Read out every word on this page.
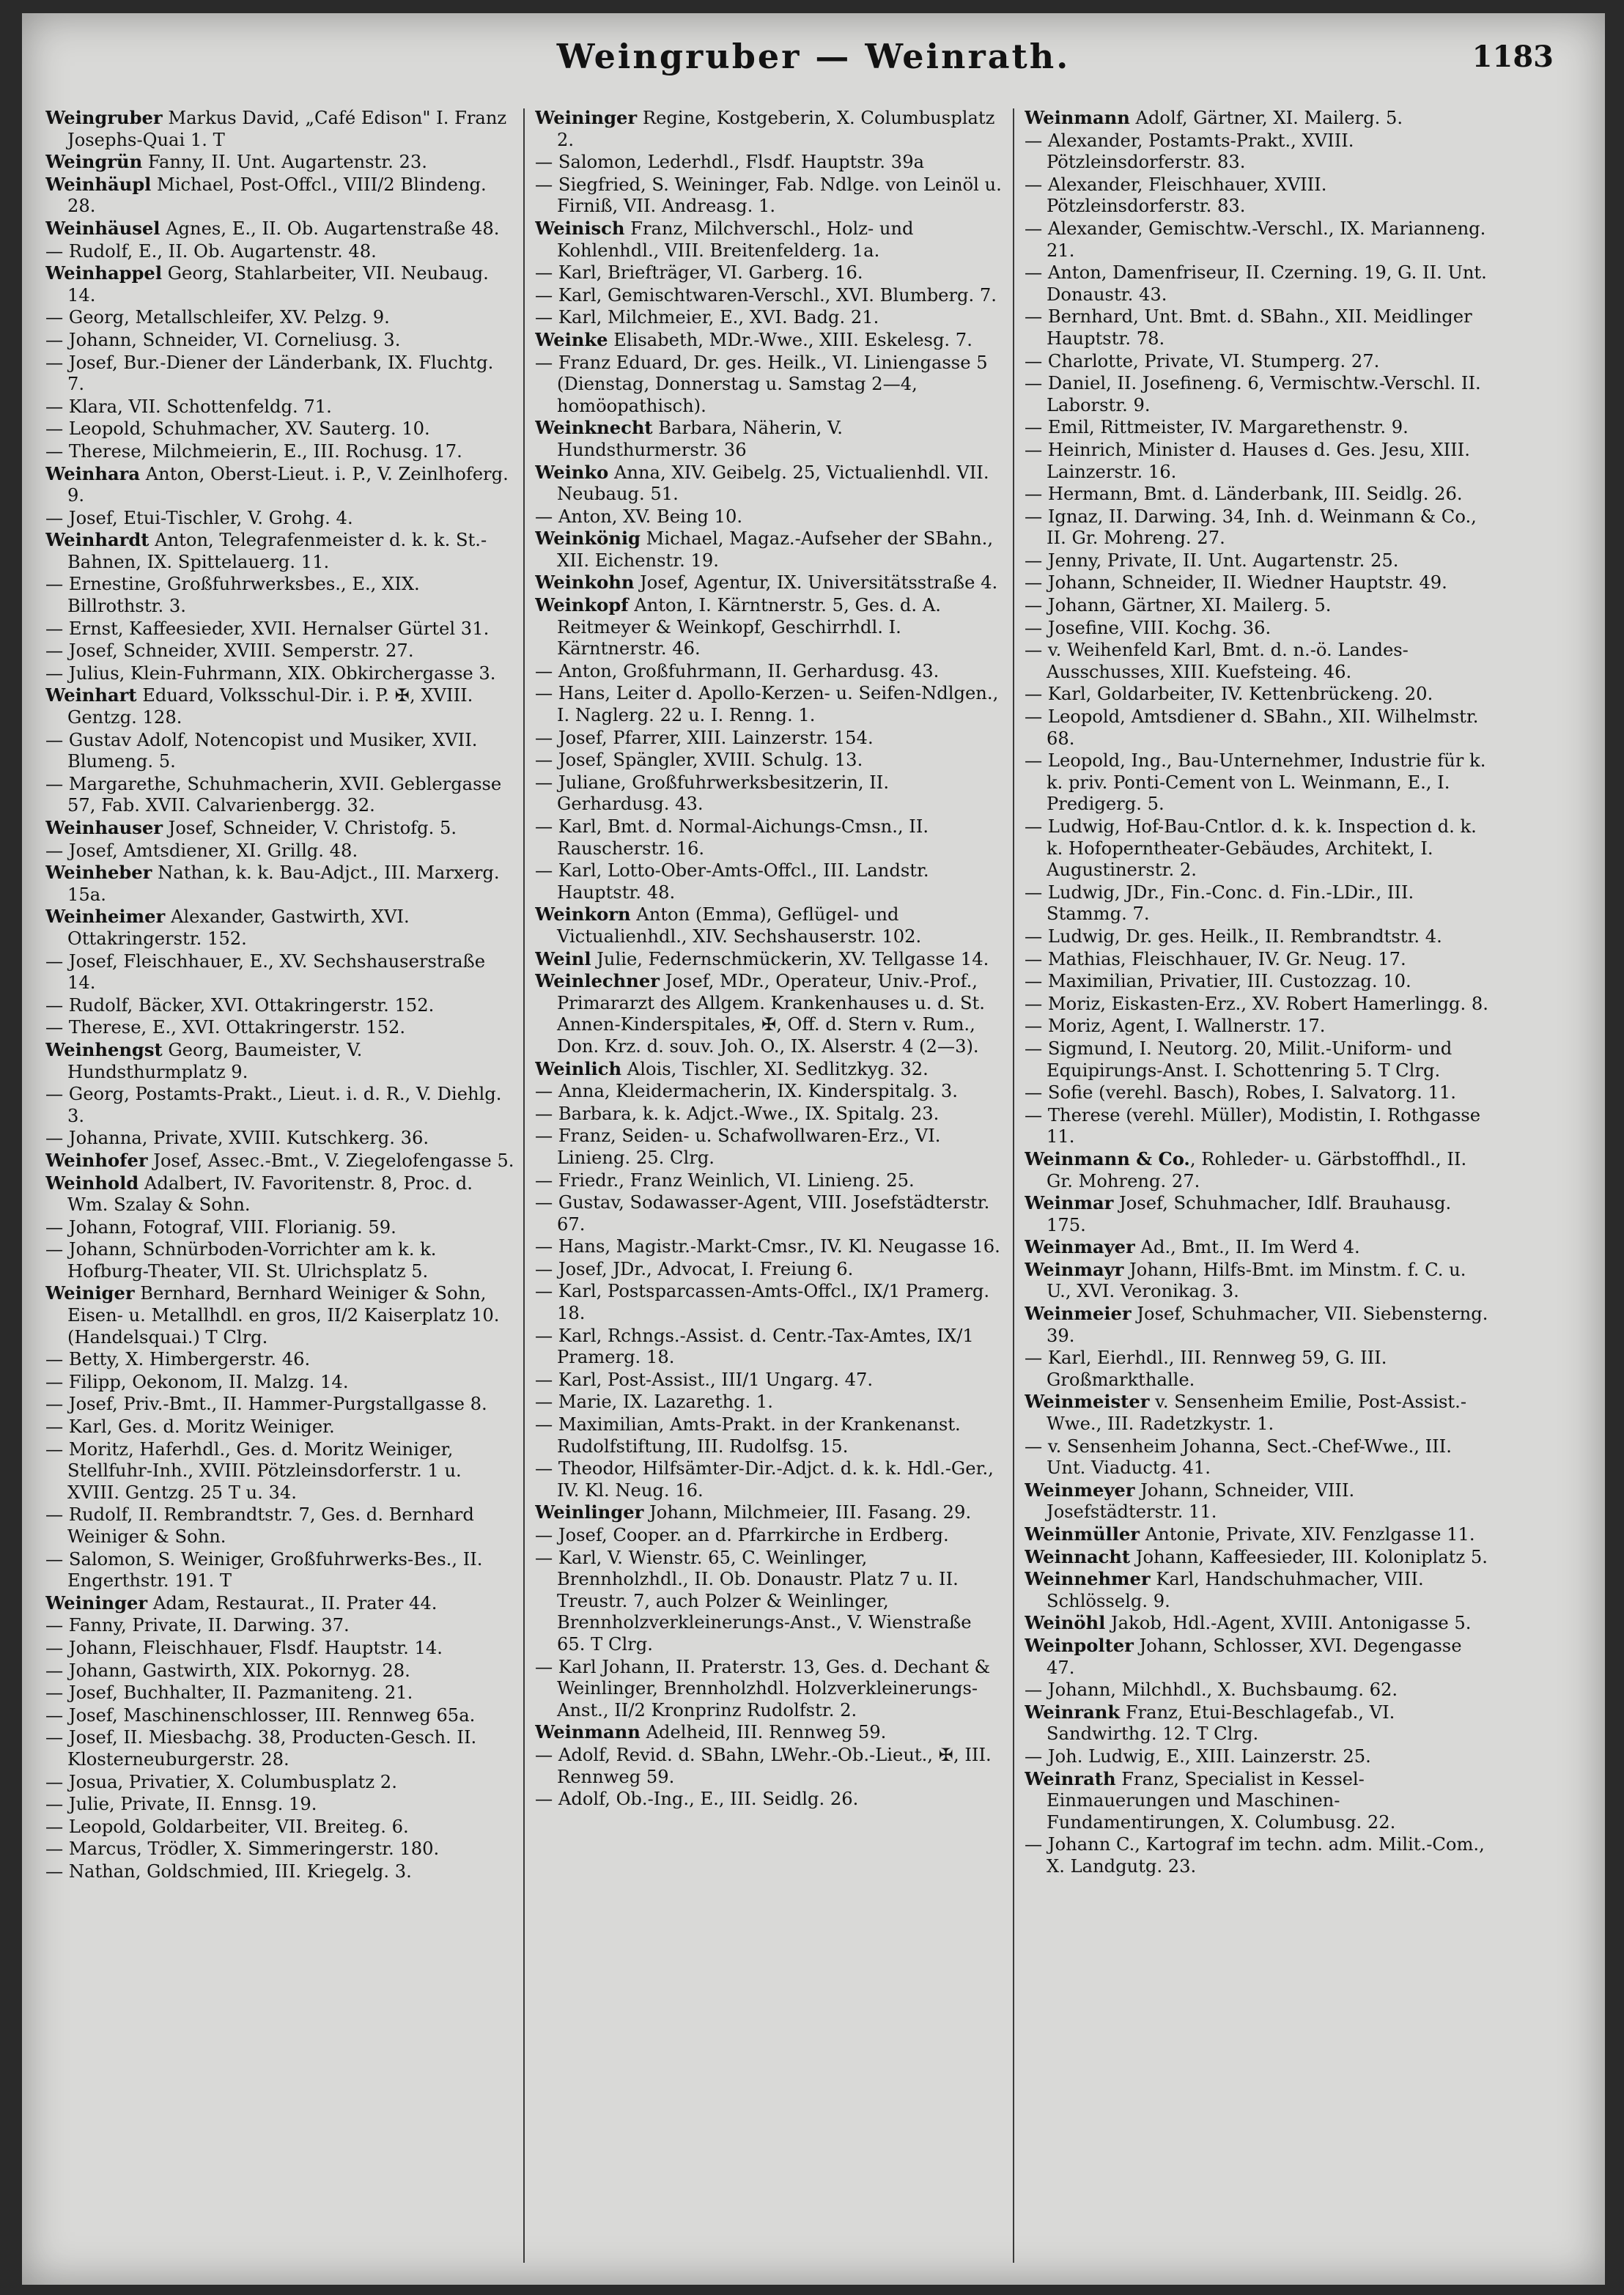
Weingruber — Weinrath.	1183
Weingruber Markus David, „Café Edison" I. Franz Josephs-Quai 1. T
Weingrün Fanny, II. Unt. Augartenstr. 23.
Weinhäupl Michael, Post-Offcl., VIII/2 Blindeng. 28.
Weinhäusel Agnes, E., II. Ob. Augartenstraße 48.
— Rudolf, E., II. Ob. Augartenstr. 48.
Weinhappel Georg, Stahlarbeiter, VII. Neubaug. 14.
— Georg, Metallschleifer, XV. Pelzg. 9.
— Johann, Schneider, VI. Corneliusg. 3.
— Josef, Bur.-Diener der Länderbank, IX. Fluchtg. 7.
— Klara, VII. Schottenfeldg. 71.
— Leopold, Schuhmacher, XV. Sauterg. 10.
— Therese, Milchmeierin, E., III. Rochusg. 17.
Weinhara Anton, Oberst-Lieut. i. P., V. Zeinlhoferg. 9.
— Josef, Etui-Tischler, V. Grohg. 4.
Weinhardt Anton, Telegrafenmeister d. k. k. St.-Bahnen, IX. Spittelauerg. 11.
— Ernestine, Großfuhrwerksbes., E., XIX. Billrothstr. 3.
— Ernst, Kaffeesieder, XVII. Hernalser Gürtel 31.
— Josef, Schneider, XVIII. Semperstr. 27.
— Julius, Klein-Fuhrmann, XIX. Obkirchergasse 3.
Weinhart Eduard, Volksschul-Dir. i. P. ✠, XVIII. Gentzg. 128.
— Gustav Adolf, Notencopist und Musiker, XVII. Blumeng. 5.
— Margarethe, Schuhmacherin, XVII. Geblergasse 57, Fab. XVII. Calvarienbergg. 32.
Weinhauser Josef, Schneider, V. Christofg. 5.
— Josef, Amtsdiener, XI. Grillg. 48.
Weinheber Nathan, k. k. Bau-Adjct., III. Marxerg. 15a.
Weinheimer Alexander, Gastwirth, XVI. Ottakringerstr. 152.
— Josef, Fleischhauer, E., XV. Sechshauserstraße 14.
— Rudolf, Bäcker, XVI. Ottakringerstr. 152.
— Therese, E., XVI. Ottakringerstr. 152.
Weinhengst Georg, Baumeister, V. Hundsthurmplatz 9.
— Georg, Postamts-Prakt., Lieut. i. d. R., V. Diehlg. 3.
— Johanna, Private, XVIII. Kutschkerg. 36.
Weinhofer Josef, Assec.-Bmt., V. Ziegelofengasse 5.
Weinhold Adalbert, IV. Favoritenstr. 8, Proc. d. Wm. Szalay & Sohn.
— Johann, Fotograf, VIII. Florianig. 59.
— Johann, Schnürboden-Vorrichter am k. k. Hofburg-Theater, VII. St. Ulrichsplatz 5.
Weiniger Bernhard, Bernhard Weiniger & Sohn, Eisen- u. Metallhdl. en gros, II/2 Kaiserplatz 10. (Handelsquai.) T Clrg.
— Betty, X. Himbergerstr. 46.
— Filipp, Oekonom, II. Malzg. 14.
— Josef, Priv.-Bmt., II. Hammer-Purgstallgasse 8.
— Karl, Ges. d. Moritz Weiniger.
— Moritz, Haferhdl., Ges. d. Moritz Weiniger, Stellfuhr-Inh., XVIII. Pötzleinsdorferstr. 1 u. XVIII. Gentzg. 25 T u. 34.
— Rudolf, II. Rembrandtstr. 7, Ges. d. Bernhard Weiniger & Sohn.
— Salomon, S. Weiniger, Großfuhrwerks-Bes., II. Engerthstr. 191. T
Weininger Adam, Restaurat., II. Prater 44.
— Fanny, Private, II. Darwing. 37.
— Johann, Fleischhauer, Flsdf. Hauptstr. 14.
— Johann, Gastwirth, XIX. Pokornyg. 28.
— Josef, Buchhalter, II. Pazmaniteng. 21.
— Josef, Maschinenschlosser, III. Rennweg 65a.
— Josef, II. Miesbachg. 38, Producten-Gesch. II. Klosterneuburgerstr. 28.
— Josua, Privatier, X. Columbusplatz 2.
— Julie, Private, II. Ennsg. 19.
— Leopold, Goldarbeiter, VII. Breiteg. 6.
— Marcus, Trödler, X. Simmeringerstr. 180.
— Nathan, Goldschmied, III. Kriegelg. 3.
Weininger Regine, Kostgeberin, X. Columbusplatz 2.
— Salomon, Lederhdl., Flsdf. Hauptstr. 39a
— Siegfried, S. Weininger, Fab. Ndlge. von Leinöl u. Firniß, VII. Andreasg. 1.
Weinisch Franz, Milchverschl., Holz- und Kohlenhdl., VIII. Breitenfelderg. 1a.
— Karl, Briefträger, VI. Garberg. 16.
— Karl, Gemischtwaren-Verschl., XVI. Blumberg. 7.
— Karl, Milchmeier, E., XVI. Badg. 21.
Weinke Elisabeth, MDr.-Wwe., XIII. Eskelesg. 7.
— Franz Eduard, Dr. ges. Heilk., VI. Liniengasse 5 (Dienstag, Donnerstag u. Samstag 2—4, homöopathisch).
Weinknecht Barbara, Näherin, V. Hundsthurmerstr. 36
Weinko Anna, XIV. Geibelg. 25, Victualienhdl. VII. Neubaug. 51.
— Anton, XV. Being 10.
Weinkönig Michael, Magaz.-Aufseher der SBahn., XII. Eichenstr. 19.
Weinkohn Josef, Agentur, IX. Universitätsstraße 4.
Weinkopf Anton, I. Kärntnerstr. 5, Ges. d. A. Reitmeyer & Weinkopf, Geschirrhdl. I. Kärntnerstr. 46.
— Anton, Großfuhrmann, II. Gerhardusg. 43.
— Hans, Leiter d. Apollo-Kerzen- u. Seifen-Ndlgen., I. Naglerg. 22 u. I. Renng. 1.
— Josef, Pfarrer, XIII. Lainzerstr. 154.
— Josef, Spängler, XVIII. Schulg. 13.
— Juliane, Großfuhrwerksbesitzerin, II. Gerhardusg. 43.
— Karl, Bmt. d. Normal-Aichungs-Cmsn., II. Rauscherstr. 16.
— Karl, Lotto-Ober-Amts-Offcl., III. Landstr. Hauptstr. 48.
Weinkorn Anton (Emma), Geflügel- und Victualienhdl., XIV. Sechshauserstr. 102.
Weinl Julie, Federnschmückerin, XV. Tellgasse 14.
Weinlechner Josef, MDr., Operateur, Univ.-Prof., Primararzt des Allgem. Krankenhauses u. d. St. Annen-Kinderspitales, ✠, Off. d. Stern v. Rum., Don. Krz. d. souv. Joh. O., IX. Alserstr. 4 (2—3).
Weinlich Alois, Tischler, XI. Sedlitzkyg. 32.
— Anna, Kleidermacherin, IX. Kinderspitalg. 3.
— Barbara, k. k. Adjct.-Wwe., IX. Spitalg. 23.
— Franz, Seiden- u. Schafwollwaren-Erz., VI. Linieng. 25. Clrg.
— Friedr., Franz Weinlich, VI. Linieng. 25.
— Gustav, Sodawasser-Agent, VIII. Josefstädterstr. 67.
— Hans, Magistr.-Markt-Cmsr., IV. Kl. Neugasse 16.
— Josef, JDr., Advocat, I. Freiung 6.
— Karl, Postsparcassen-Amts-Offcl., IX/1 Pramerg. 18.
— Karl, Rchngs.-Assist. d. Centr.-Tax-Amtes, IX/1 Pramerg. 18.
— Karl, Post-Assist., III/1 Ungarg. 47.
— Marie, IX. Lazarethg. 1.
— Maximilian, Amts-Prakt. in der Krankenanst. Rudolfstiftung, III. Rudolfsg. 15.
— Theodor, Hilfsämter-Dir.-Adjct. d. k. k. Hdl.-Ger., IV. Kl. Neug. 16.
Weinlinger Johann, Milchmeier, III. Fasang. 29.
— Josef, Cooper. an d. Pfarrkirche in Erdberg.
— Karl, V. Wienstr. 65, C. Weinlinger, Brennholzhdl., II. Ob. Donaustr. Platz 7 u. II. Treustr. 7, auch Polzer & Weinlinger, Brennholzverkleinerungs-Anst., V. Wienstraße 65. T Clrg.
— Karl Johann, II. Praterstr. 13, Ges. d. Dechant & Weinlinger, Brennholzhdl. Holzverkleinerungs-Anst., II/2 Kronprinz Rudolfstr. 2.
Weinmann Adelheid, III. Rennweg 59.
— Adolf, Revid. d. SBahn, LWehr.-Ob.-Lieut., ✠, III. Rennweg 59.
— Adolf, Ob.-Ing., E., III. Seidlg. 26.
Weinmann Adolf, Gärtner, XI. Mailerg. 5.
— Alexander, Postamts-Prakt., XVIII. Pötzleinsdorferstr. 83.
— Alexander, Fleischhauer, XVIII. Pötzleinsdorferstr. 83.
— Alexander, Gemischtw.-Verschl., IX. Marianneng. 21.
— Anton, Damenfriseur, II. Czerning. 19, G. II. Unt. Donaustr. 43.
— Bernhard, Unt. Bmt. d. SBahn., XII. Meidlinger Hauptstr. 78.
— Charlotte, Private, VI. Stumperg. 27.
— Daniel, II. Josefineng. 6, Vermischtw.-Verschl. II. Laborstr. 9.
— Emil, Rittmeister, IV. Margarethenstr. 9.
— Heinrich, Minister d. Hauses d. Ges. Jesu, XIII. Lainzerstr. 16.
— Hermann, Bmt. d. Länderbank, III. Seidlg. 26.
— Ignaz, II. Darwing. 34, Inh. d. Weinmann & Co., II. Gr. Mohreng. 27.
— Jenny, Private, II. Unt. Augartenstr. 25.
— Johann, Schneider, II. Wiedner Hauptstr. 49.
— Johann, Gärtner, XI. Mailerg. 5.
— Josefine, VIII. Kochg. 36.
— v. Weihenfeld Karl, Bmt. d. n.-ö. Landes-Ausschusses, XIII. Kuefsteing. 46.
— Karl, Goldarbeiter, IV. Kettenbrückeng. 20.
— Leopold, Amtsdiener d. SBahn., XII. Wilhelmstr. 68.
— Leopold, Ing., Bau-Unternehmer, Industrie für k. k. priv. Ponti-Cement von L. Weinmann, E., I. Predigerg. 5.
— Ludwig, Hof-Bau-Cntlor. d. k. k. Inspection d. k. k. Hofoperntheater-Gebäudes, Architekt, I. Augustinerstr. 2.
— Ludwig, JDr., Fin.-Conc. d. Fin.-LDir., III. Stammg. 7.
— Ludwig, Dr. ges. Heilk., II. Rembrandtstr. 4.
— Mathias, Fleischhauer, IV. Gr. Neug. 17.
— Maximilian, Privatier, III. Custozzag. 10.
— Moriz, Eiskasten-Erz., XV. Robert Hamerlingg. 8.
— Moriz, Agent, I. Wallnerstr. 17.
— Sigmund, I. Neutorg. 20, Milit.-Uniform- und Equipirungs-Anst. I. Schottenring 5. T Clrg.
— Sofie (verehl. Basch), Robes, I. Salvatorg. 11.
— Therese (verehl. Müller), Modistin, I. Rothgasse 11.
Weinmann & Co., Rohleder- u. Gärbstoffhdl., II. Gr. Mohreng. 27.
Weinmar Josef, Schuhmacher, Idlf. Brauhausg. 175.
Weinmayer Ad., Bmt., II. Im Werd 4.
Weinmayr Johann, Hilfs-Bmt. im Minstm. f. C. u. U., XVI. Veronikag. 3.
Weinmeier Josef, Schuhmacher, VII. Siebensterng. 39.
— Karl, Eierhdl., III. Rennweg 59, G. III. Großmarkthalle.
Weinmeister v. Sensenheim Emilie, Post-Assist.-Wwe., III. Radetzkystr. 1.
— v. Sensenheim Johanna, Sect.-Chef-Wwe., III. Unt. Viaductg. 41.
Weinmeyer Johann, Schneider, VIII. Josefstädterstr. 11.
Weinmüller Antonie, Private, XIV. Fenzlgasse 11.
Weinnacht Johann, Kaffeesieder, III. Koloniplatz 5.
Weinnehmer Karl, Handschuhmacher, VIII. Schlösselg. 9.
Weinöhl Jakob, Hdl.-Agent, XVIII. Antonigasse 5.
Weinpolter Johann, Schlosser, XVI. Degengasse 47.
— Johann, Milchhdl., X. Buchsbaumg. 62.
Weinrank Franz, Etui-Beschlagefab., VI. Sandwirthg. 12. T Clrg.
— Joh. Ludwig, E., XIII. Lainzerstr. 25.
Weinrath Franz, Specialist in Kessel-Einmauerungen und Maschinen-Fundamentirungen, X. Columbusg. 22.
— Johann C., Kartograf im techn. adm. Milit.-Com., X. Landgutg. 23.
